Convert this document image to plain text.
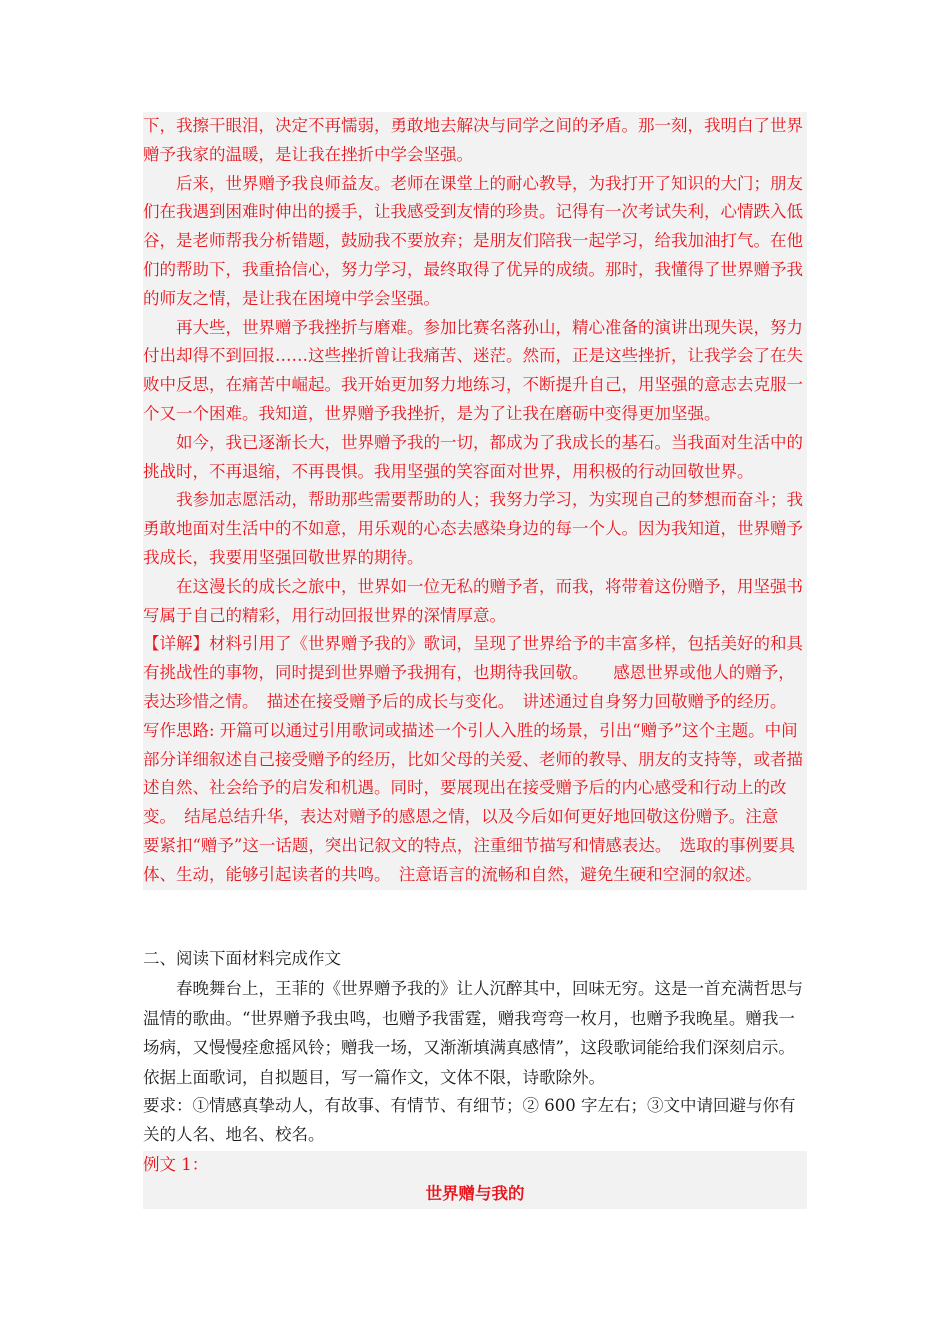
下，我擦干眼泪，决定不再懦弱，勇敢地去解决与同学之间的矛盾。那一刻，我明白了世界赠予我家的温暖，是让我在挫折中学会坚强。

后来，世界赠予我良师益友。老师在课堂上的耐心教导，为我打开了知识的大门；朋友们在我遇到困难时伸出的援手，让我感受到友情的珍贵。记得有一次考试失利，心情跌入低谷，是老师帮我分析错题，鼓励我不要放弃；是朋友们陪我一起学习，给我加油打气。在他们的帮助下，我重拾信心，努力学习，最终取得了优异的成绩。那时，我懂得了世界赠予我的师友之情，是让我在困境中学会坚强。

再大些，世界赠予我挫折与磨难。参加比赛名落孙山，精心准备的演讲出现失误，努力付出却得不到回报……这些挫折曾让我痛苦、迷茫。然而，正是这些挫折，让我学会了在失败中反思，在痛苦中崛起。我开始更加努力地练习，不断提升自己，用坚强的意志去克服一个又一个困难。我知道，世界赠予我挫折，是为了让我在磨砺中变得更加坚强。

如今，我已逐渐长大，世界赠予我的一切，都成为了我成长的基石。当我面对生活中的挑战时，不再退缩，不再畏惧。我用坚强的笑容面对世界，用积极的行动回敬世界。

我参加志愿活动，帮助那些需要帮助的人；我努力学习，为实现自己的梦想而奋斗；我勇敢地面对生活中的不如意，用乐观的心态去感染身边的每一个人。因为我知道，世界赠予我成长，我要用坚强回敬世界的期待。

在这漫长的成长之旅中，世界如一位无私的赠予者，而我，将带着这份赠予，用坚强书写属于自己的精彩，用行动回报世界的深情厚意。

【详解】材料引用了《世界赠予我的》歌词，呈现了世界给予的丰富多样，包括美好的和具有挑战性的事物，同时提到世界赠予我拥有，也期待我回敬。　　感恩世界或他人的赠予，表达珍惜之情。　描述在接受赠予后的成长与变化。　讲述通过自身努力回敬赠予的经历。

写作思路: 开篇可以通过引用歌词或描述一个引人入胜的场景，引出“赠予”这个主题。中间部分详细叙述自己接受赠予的经历，比如父母的关爱、老师的教导、朋友的支持等，或者描述自然、社会给予的启发和机遇。同时，要展现出在接受赠予后的内心感受和行动上的改变。　结尾总结升华，表达对赠予的感恩之情，以及今后如何更好地回敬这份赠予。注意　要紧扣“赠予”这一话题，突出记叙文的特点，注重细节描写和情感表达。　选取的事例要具体、生动，能够引起读者的共鸣。　注意语言的流畅和自然，避免生硬和空洞的叙述。

二、阅读下面材料完成作文
春晚舞台上，王菲的《世界赠予我的》让人沉醉其中，回味无穷。这是一首充满哲思与温情的歌曲。“世界赠予我虫鸣，也赠予我雷霆，赠我弯弯一枚月，也赠予我晚星。赠我一场病，又慢慢痊愈摇风铃；赠我一场，又渐渐填满真感情”，这段歌词能给我们深刻启示。依据上面歌词，自拟题目，写一篇作文，文体不限，诗歌除外。
要求：①情感真挚动人，有故事、有情节、有细节；② 600 字左右；③文中请回避与你有关的人名、地名、校名。
例文 1：
世界赠与我的
